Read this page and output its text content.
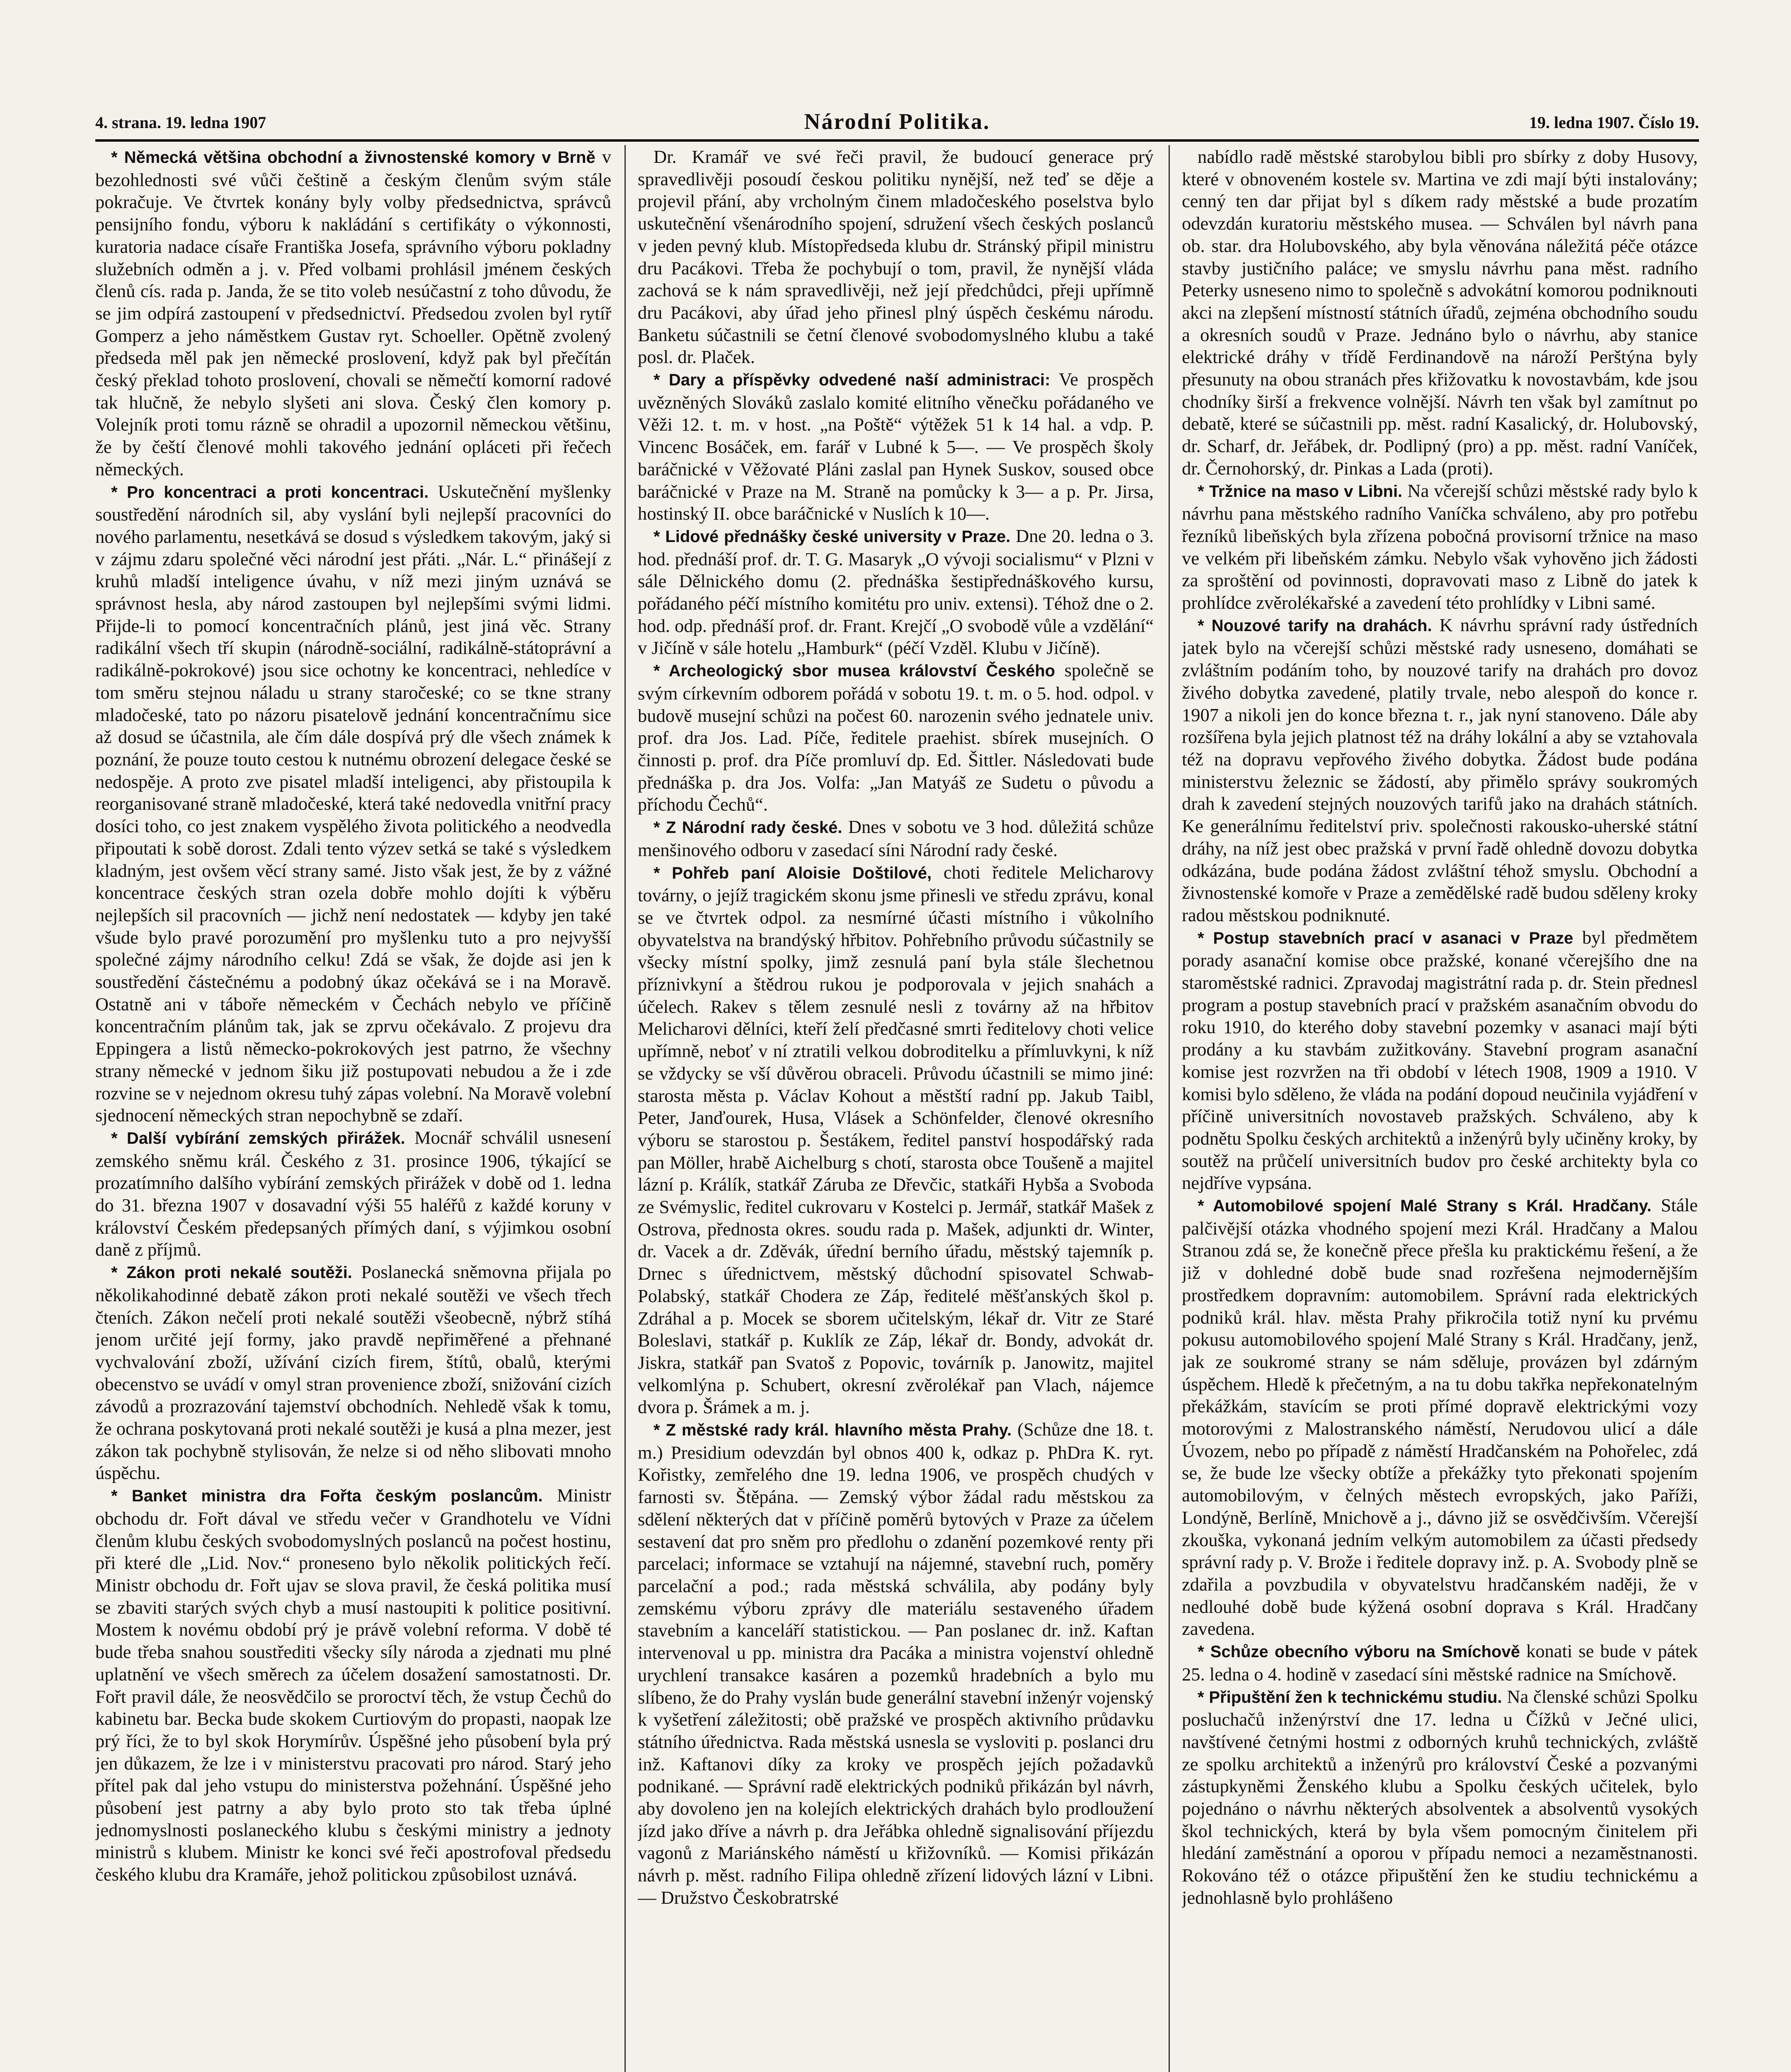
4. strana. 19. ledna 1907	Národní Politika.	19. ledna 1907. Číslo 19.

* Německá většina obchodní a živnostenské komory v Brně v bezohlednosti své vůči češtině a českým členům svým stále pokračuje. Ve čtvrtek konány byly volby předsednictva, správců pensijního fondu, výboru k nakládání s certifikáty o výkonnosti, kuratoria nadace císaře Františka Josefa, správního výboru pokladny služebních odměn a j. v. Před volbami prohlásil jménem českých členů cís. rada p. Janda, že se tito voleb nesúčastní z toho důvodu, že se jim odpírá zastoupení v předsednictví. Předsedou zvolen byl rytíř Gomperz a jeho náměstkem Gustav ryt. Schoeller. Opětně zvolený předseda měl pak jen německé proslovení, když pak byl přečítán český překlad tohoto proslovení, chovali se němečtí komorní radové tak hlučně, že nebylo slyšeti ani slova. Český člen komory p. Volejník proti tomu rázně se ohradil a upozornil německou většinu, že by čeští členové mohli takového jednání opláceti při řečech německých.

* Pro koncentraci a proti koncentraci. Uskutečnění myšlenky soustředění národních sil, aby vyslání byli nejlepší pracovníci do nového parlamentu, nesetkává se dosud s výsledkem takovým, jaký si v zájmu zdaru společné věci národní jest přáti. „Nár. L.“ přinášejí z kruhů mladší inteligence úvahu, v níž mezi jiným uznává se správnost hesla, aby národ zastoupen byl nejlepšími svými lidmi. Přijde-li to pomocí koncentračních plánů, jest jiná věc. Strany radikální všech tří skupin (národně-sociální, radikálně-státoprávní a radikálně-pokrokové) jsou sice ochotny ke koncentraci, nehledíce v tom směru stejnou náladu u strany staročeské; co se tkne strany mladočeské, tato po názoru pisatelově jednání koncentračnímu sice až dosud se účastnila, ale čím dále dospívá prý dle všech známek k poznání, že pouze touto cestou k nutnému obrození delegace české se nedospěje. A proto zve pisatel mladší inteligenci, aby přistoupila k reorganisované straně mladočeské, která také nedovedla vnitřní pracy dosíci toho, co jest znakem vyspělého života politického a neodvedla připoutati k sobě dorost. Zdali tento výzev setká se také s výsledkem kladným, jest ovšem věcí strany samé. Jisto však jest, že by z vážné koncentrace českých stran ozela dobře mohlo dojíti k výběru nejlepších sil pracovních — jichž není nedostatek — kdyby jen také všude bylo pravé porozumění pro myšlenku tuto a pro nejvyšší společné zájmy národního celku! Zdá se však, že dojde asi jen k soustředění částečnému a podobný úkaz očekává se i na Moravě. Ostatně ani v táboře německém v Čechách nebylo ve příčině koncentračním plánům tak, jak se zprvu očekávalo. Z projevu dra Eppingera a listů německo-pokrokových jest patrno, že všechny strany německé v jednom šiku již postupovati nebudou a že i zde rozvine se v nejednom okresu tuhý zápas volební. Na Moravě volební sjednocení německých stran nepochybně se zdaří.

* Další vybírání zemských přirážek. Mocnář schválil usnesení zemského sněmu král. Českého z 31. prosince 1906, týkající se prozatímního dalšího vybírání zemských přirážek v době od 1. ledna do 31. března 1907 v dosavadní výši 55 haléřů z každé koruny v království Českém předepsaných přímých daní, s výjimkou osobní daně z příjmů.

* Zákon proti nekalé soutěži. Poslanecká sněmovna přijala po několikahodinné debatě zákon proti nekalé soutěži ve všech třech čteních. Zákon nečelí proti nekalé soutěži všeobecně, nýbrž stíhá jenom určité její formy, jako pravdě nepřiměřené a přehnané vychvalování zboží, užívání cizích firem, štítů, obalů, kterými obecenstvo se uvádí v omyl stran provenience zboží, snižování cizích závodů a prozrazování tajemství obchodních. Nehledě však k tomu, že ochrana poskytovaná proti nekalé soutěži je kusá a plna mezer, jest zákon tak pochybně stylisován, že nelze si od něho slibovati mnoho úspěchu.

* Banket ministra dra Fořta českým poslancům. Ministr obchodu dr. Fořt dával ve středu večer v Grandhotelu ve Vídni členům klubu českých svobodomyslných poslanců na počest hostinu, při které dle „Lid. Nov.“ proneseno bylo několik politických řečí. Ministr obchodu dr. Fořt ujav se slova pravil, že česká politika musí se zbaviti starých svých chyb a musí nastoupiti k politice positivní. Mostem k novému období prý je právě volební reforma. V době té bude třeba snahou soustřediti všecky síly národa a zjednati mu plné uplatnění ve všech směrech za účelem dosažení samostatnosti. Dr. Fořt pravil dále, že neosvědčilo se proroctví těch, že vstup Čechů do kabinetu bar. Becka bude skokem Curtiovým do propasti, naopak lze prý říci, že to byl skok Horymírův. Úspěšné jeho působení byla prý jen důkazem, že lze i v ministerstvu pracovati pro národ. Starý jeho přítel pak dal jeho vstupu do ministerstva požehnání. Úspěšné jeho působení jest patrny a aby bylo proto sto tak třeba úplné jednomyslnosti poslaneckého klubu s českými ministry a jednoty ministrů s klubem. Ministr ke konci své řeči apostrofoval předsedu českého klubu dra Kramáře, jehož politickou způsobilost uznává.

Dr. Kramář ve své řeči pravil, že budoucí generace prý spravedlivěji posoudí českou politiku nynější, než teď se děje a projevil přání, aby vrcholným činem mladočeského poselstva bylo uskutečnění všenárodního spojení, sdružení všech českých poslanců v jeden pevný klub. Místopředseda klubu dr. Stránský připil ministru dru Pacákovi. Třeba že pochybují o tom, pravil, že nynější vláda zachová se k nám spravedlivěji, než její předchůdci, přeji upřímně dru Pacákovi, aby úřad jeho přinesl plný úspěch českému národu. Banketu súčastnili se četní členové svobodomyslného klubu a také posl. dr. Plaček.

* Dary a příspěvky odvedené naší administraci: Ve prospěch uvězněných Slováků zaslalo komité elitního věnečku pořádaného ve Věži 12. t. m. v host. „na Poště“ výtěžek 51 k 14 hal. a vdp. P. Vincenc Bosáček, em. farář v Lubné k 5—. — Ve prospěch školy baráčnické v Věžovaté Pláni zaslal pan Hynek Suskov, soused obce baráčnické v Praze na M. Straně na pomůcky k 3— a p. Pr. Jirsa, hostinský II. obce baráčnické v Nuslích k 10—.

* Lidové přednášky české university v Praze. Dne 20. ledna o 3. hod. přednáší prof. dr. T. G. Masaryk „O vývoji socialismu“ v Plzni v sále Dělnického domu (2. přednáška šestipřednáškového kursu, pořádaného péčí místního komitétu pro univ. extensi). Téhož dne o 2. hod. odp. přednáší prof. dr. Frant. Krejčí „O svobodě vůle a vzdělání“ v Jičíně v sále hotelu „Hamburk“ (péčí Vzděl. Klubu v Jičíně).

* Archeologický sbor musea království Českého společně se svým církevním odborem pořádá v sobotu 19. t. m. o 5. hod. odpol. v budově musejní schůzi na počest 60. narozenin svého jednatele univ. prof. dra Jos. Lad. Píče, ředitele praehist. sbírek musejních. O činnosti p. prof. dra Píče promluví dp. Ed. Šittler. Následovati bude přednáška p. dra Jos. Volfa: „Jan Matyáš ze Sudetu o původu a příchodu Čechů“.

* Z Národní rady české. Dnes v sobotu ve 3 hod. důležitá schůze menšinového odboru v zasedací síni Národní rady české.

* Pohřeb paní Aloisie Doštilové, choti ředitele Melicharovy továrny, o jejíž tragickém skonu jsme přinesli ve středu zprávu, konal se ve čtvrtek odpol. za nesmírné účasti místního i vůkolního obyvatelstva na brandýský hřbitov. Pohřebního průvodu súčastnily se všecky místní spolky, jimž zesnulá paní byla stále šlechetnou příznivkyní a štědrou rukou je podporovala v jejich snahách a účelech. Rakev s tělem zesnulé nesli z továrny až na hřbitov Melicharovi dělníci, kteří želí předčasné smrti ředitelovy choti velice upřímně, neboť v ní ztratili velkou dobroditelku a přímluvkyni, k níž se vždycky se vší důvěrou obraceli. Průvodu účastnili se mimo jiné: starosta města p. Václav Kohout a městští radní pp. Jakub Taibl, Peter, Janďourek, Husa, Vlásek a Schönfelder, členové okresního výboru se starostou p. Šestákem, ředitel panství hospodářský rada pan Möller, hrabě Aichelburg s chotí, starosta obce Toušeně a majitel lázní p. Králík, statkář Záruba ze Dřevčic, statkáři Hybša a Svoboda ze Svémyslic, ředitel cukrovaru v Kostelci p. Jermář, statkář Mašek z Ostrova, přednosta okres. soudu rada p. Mašek, adjunkti dr. Winter, dr. Vacek a dr. Zděvák, úřední berního úřadu, městský tajemník p. Drnec s úřednictvem, městský důchodní spisovatel Schwab-Polabský, statkář Chodera ze Záp, ředitelé měšťanských škol p. Zdráhal a p. Mocek se sborem učitelským, lékař dr. Vitr ze Staré Boleslavi, statkář p. Kuklík ze Záp, lékař dr. Bondy, advokát dr. Jiskra, statkář pan Svatoš z Popovic, továrník p. Janowitz, majitel velkomlýna p. Schubert, okresní zvěrolékař pan Vlach, nájemce dvora p. Šrámek a m. j.

* Z městské rady král. hlavního města Prahy. (Schůze dne 18. t. m.) Presidium odevzdán byl obnos 400 k, odkaz p. PhDra K. ryt. Kořistky, zemřelého dne 19. ledna 1906, ve prospěch chudých v farnosti sv. Štěpána. — Zemský výbor žádal radu městskou za sdělení některých dat v příčině poměrů bytových v Praze za účelem sestavení dat pro sněm pro předlohu o zdanění pozemkové renty při parcelaci; informace se vztahují na nájemné, stavební ruch, poměry parcelační a pod.; rada městská schválila, aby podány byly zemskému výboru zprávy dle materiálu sestaveného úřadem stavebním a kanceláří statistickou. — Pan poslanec dr. inž. Kaftan intervenoval u pp. ministra dra Pacáka a ministra vojenství ohledně urychlení transakce kasáren a pozemků hradebních a bylo mu slíbeno, že do Prahy vyslán bude generální stavební inženýr vojenský k vyšetření záležitosti; obě pražské ve prospěch aktivního průdavku státního úřednictva. Rada městská usnesla se vysloviti p. poslanci dru inž. Kaftanovi díky za kroky ve prospěch jejích požadavků podnikané. — Správní radě elektrických podniků přikázán byl návrh, aby dovoleno jen na kolejích elektrických drahách bylo prodloužení jízd jako dříve a návrh p. dra Jeřábka ohledně signalisování příjezdu vagonů z Mariánského náměstí u křižovníků. — Komisi přikázán návrh p. měst. radního Filipa ohledně zřízení lidových lázní v Libni. — Družstvo Českobratrské

nabídlo radě městské starobylou bibli pro sbírky z doby Husovy, které v obnoveném kostele sv. Martina ve zdi mají býti instalovány; cenný ten dar přijat byl s díkem rady městské a bude prozatím odevzdán kuratoriu městského musea. — Schválen byl návrh pana ob. star. dra Holubovského, aby byla věnována náležitá péče otázce stavby justičního paláce; ve smyslu návrhu pana měst. radního Peterky usneseno nimo to společně s advokátní komorou podniknouti akci na zlepšení místností státních úřadů, zejména obchodního soudu a okresních soudů v Praze. Jednáno bylo o návrhu, aby stanice elektrické dráhy v třídě Ferdinandově na nároží Perštýna byly přesunuty na obou stranách přes křižovatku k novostavbám, kde jsou chodníky širší a frekvence volnější. Návrh ten však byl zamítnut po debatě, které se súčastnili pp. měst. radní Kasalický, dr. Holubovský, dr. Scharf, dr. Jeřábek, dr. Podlipný (pro) a pp. měst. radní Vaníček, dr. Černohorský, dr. Pinkas a Lada (proti).

* Tržnice na maso v Libni. Na včerejší schůzi městské rady bylo k návrhu pana městského radního Vaníčka schváleno, aby pro potřebu řezníků libeňských byla zřízena pobočná provisorní tržnice na maso ve velkém při libeňském zámku. Nebylo však vyhověno jich žádosti za sproštění od povinnosti, dopravovati maso z Libně do jatek k prohlídce zvěrolékařské a zavedení této prohlídky v Libni samé.

* Nouzové tarify na drahách. K návrhu správní rady ústředních jatek bylo na včerejší schůzi městské rady usneseno, domáhati se zvláštním podáním toho, by nouzové tarify na drahách pro dovoz živého dobytka zavedené, platily trvale, nebo alespoň do konce r. 1907 a nikoli jen do konce března t. r., jak nyní stanoveno. Dále aby rozšířena byla jejich platnost též na dráhy lokální a aby se vztahovala též na dopravu vepřového živého dobytka. Žádost bude podána ministerstvu železnic se žádostí, aby přimělo správy soukromých drah k zavedení stejných nouzových tarifů jako na drahách státních. Ke generálnímu ředitelství priv. společnosti rakousko-uherské státní dráhy, na níž jest obec pražská v první řadě ohledně dovozu dobytka odkázána, bude podána žádost zvláštní téhož smyslu. Obchodní a živnostenské komoře v Praze a zemědělské radě budou sděleny kroky radou městskou podniknuté.

* Postup stavebních prací v asanaci v Praze byl předmětem porady asanační komise obce pražské, konané včerejšího dne na staroměstské radnici. Zpravodaj magistrátní rada p. dr. Stein přednesl program a postup stavebních prací v pražském asanačním obvodu do roku 1910, do kterého doby stavební pozemky v asanaci mají býti prodány a ku stavbám zužitkovány. Stavební program asanační komise jest rozvržen na tři období v létech 1908, 1909 a 1910. V komisi bylo sděleno, že vláda na podání dopoud neučinila vyjádření v příčině universitních novostaveb pražských. Schváleno, aby k podnětu Spolku českých architektů a inženýrů byly učiněny kroky, by soutěž na průčelí universitních budov pro české architekty byla co nejdříve vypsána.

* Automobilové spojení Malé Strany s Král. Hradčany. Stále palčivější otázka vhodného spojení mezi Král. Hradčany a Malou Stranou zdá se, že konečně přece přešla ku praktickému řešení, a že již v dohledné době bude snad rozřešena nejmodernějším prostředkem dopravním: automobilem. Správní rada elektrických podniků král. hlav. města Prahy přikročila totiž nyní ku prvému pokusu automobilového spojení Malé Strany s Král. Hradčany, jenž, jak ze soukromé strany se nám sděluje, provázen byl zdárným úspěchem. Hledě k přečetným, a na tu dobu takřka nepřekonatelným překážkám, stavícím se proti přímé dopravě elektrickými vozy motorovými z Malostranského náměstí, Nerudovou ulicí a dále Úvozem, nebo po případě z náměstí Hradčanském na Pohořelec, zdá se, že bude lze všecky obtíže a překážky tyto překonati spojením automobilovým, v čelných městech evropských, jako Paříži, Londýně, Berlíně, Mnichově a j., dávno již se osvědčivším. Včerejší zkouška, vykonaná jedním velkým automobilem za účasti předsedy správní rady p. V. Brože i ředitele dopravy inž. p. A. Svobody plně se zdařila a povzbudila v obyvatelstvu hradčanském naději, že v nedlouhé době bude kýžená osobní doprava s Král. Hradčany zavedena.

* Schůze obecního výboru na Smíchově konati se bude v pátek 25. ledna o 4. hodině v zasedací síni městské radnice na Smíchově.

* Připuštění žen k technickému studiu. Na členské schůzi Spolku posluchačů inženýrství dne 17. ledna u Čížků v Ječné ulici, navštívené četnými hostmi z odborných kruhů technických, zvláště ze spolku architektů a inženýrů pro království České a pozvanými zástupkyněmi Ženského klubu a Spolku českých učitelek, bylo pojednáno o návrhu některých absolventek a absolventů vysokých škol technických, která by byla všem pomocným činitelem při hledání zaměstnání a oporou v případu nemoci a nezaměstnanosti. Rokováno též o otázce připuštění žen ke studiu technickému a jednohlasně bylo prohlášeno
